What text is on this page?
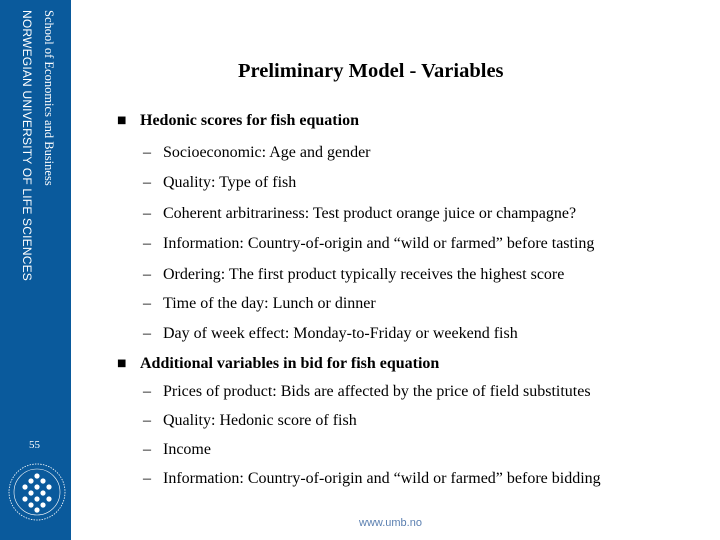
School of Economics and Business
NORWEGIAN UNIVERSITY OF LIFE SCIENCES
55
Preliminary Model - Variables
■ Hedonic scores for fish equation
– Socioeconomic: Age and gender
– Quality: Type of fish
– Coherent arbitrariness: Test product orange juice or champagne?
– Information: Country-of-origin and “wild or farmed” before tasting
– Ordering: The first product typically receives the highest score
– Time of the day: Lunch or dinner
– Day of week effect: Monday-to-Friday or weekend fish
■ Additional variables in bid for fish equation
– Prices of product: Bids are affected by the price of field substitutes
– Quality: Hedonic score of fish
– Income
– Information: Country-of-origin and “wild or farmed” before bidding
www.umb.no
